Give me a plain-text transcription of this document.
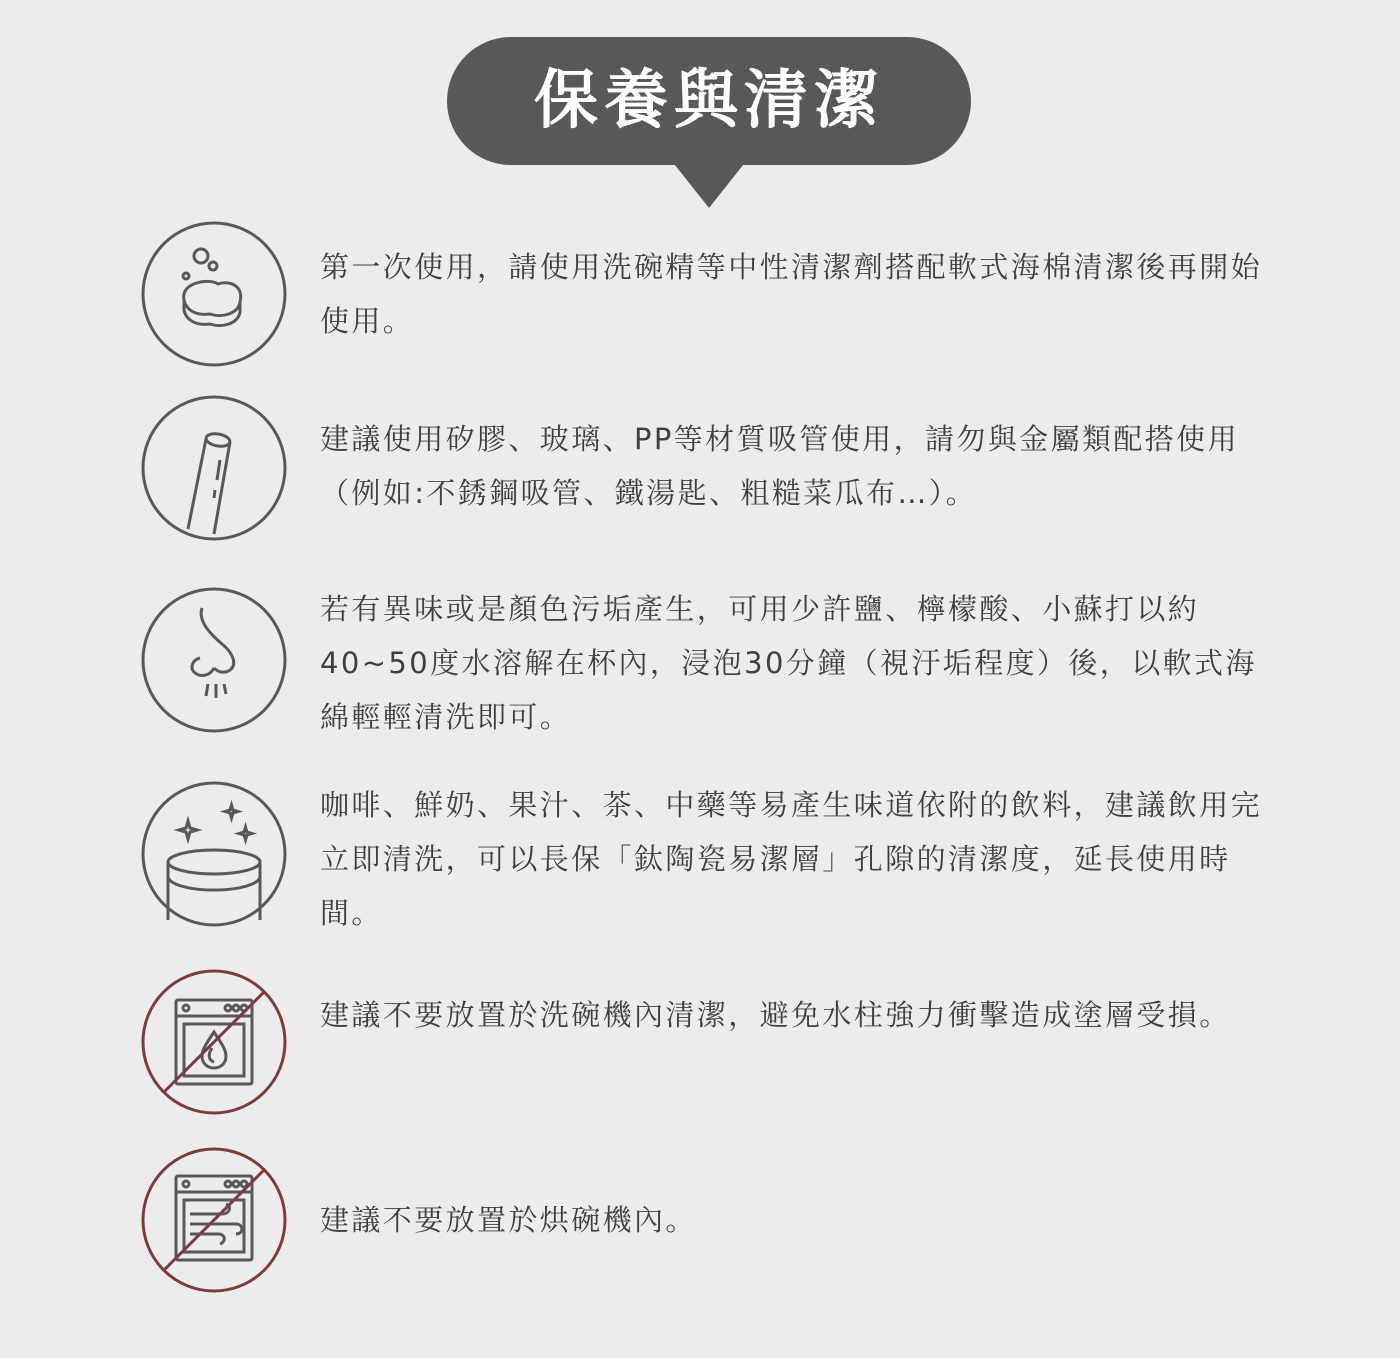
保養與清潔
第一次使用，請使用洗碗精等中性清潔劑搭配軟式海棉清潔後再開始使用。
建議使用矽膠、玻璃、PP等材質吸管使用，請勿與金屬類配搭使用（例如:不銹鋼吸管、鐵湯匙、粗糙菜瓜布…）。
若有異味或是顏色污垢產生，可用少許鹽、檸檬酸、小蘇打以約40~50度水溶解在杯內，浸泡30分鐘（視汙垢程度）後，以軟式海綿輕輕清洗即可。
咖啡、鮮奶、果汁、茶、中藥等易產生味道依附的飲料，建議飲用完立即清洗，可以長保「鈦陶瓷易潔層」孔隙的清潔度，延長使用時間。
建議不要放置於洗碗機內清潔，避免水柱強力衝擊造成塗層受損。
建議不要放置於烘碗機內。
